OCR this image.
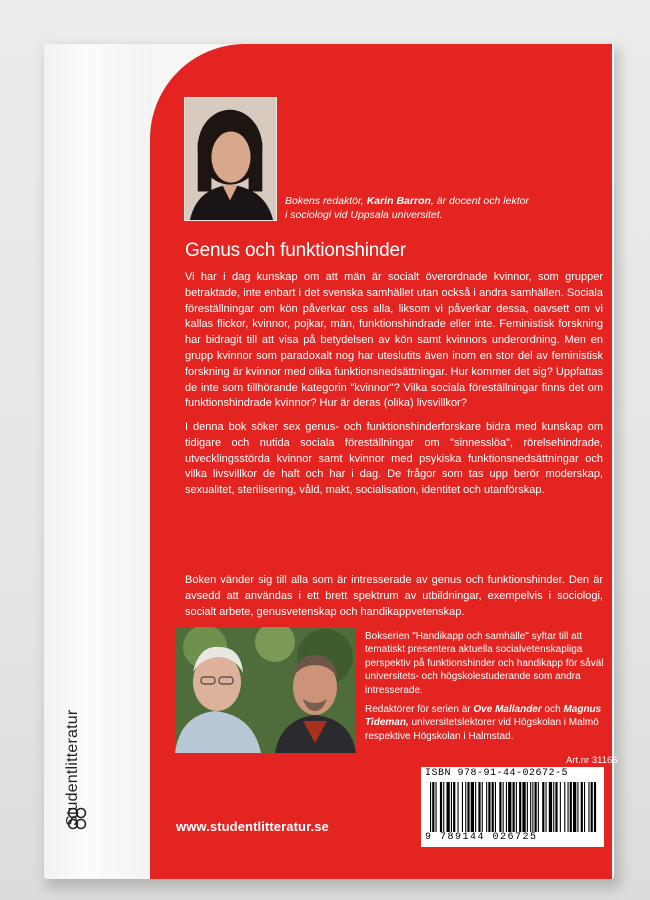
Studentlitteratur
Bokens redaktör, Karin Barron, är docent och lektor
i sociologi vid Uppsala universitet.
Genus och funktionshinder
Vi har i dag kunskap om att män är socialt överordnade kvinnor, som grupper betraktade, inte enbart i det svenska samhället utan också i andra samhällen. Sociala föreställningar om kön påverkar oss alla, liksom vi påverkar dessa, oavsett om vi kallas flickor, kvinnor, pojkar, män, funktionshindrade eller inte. Feministisk forskning har bidragit till att visa på betydelsen av kön samt kvinnors underordning. Men en grupp kvinnor som paradoxalt nog har uteslutits även inom en stor del av feministisk forskning är kvinnor med olika funktionsnedsättningar. Hur kommer det sig? Uppfattas de inte som tillhörande kategorin "kvinnor"? Vilka sociala föreställningar finns det om funktionshindrade kvinnor? Hur är deras (olika) livsvillkor?
I denna bok söker sex genus- och funktionshinderforskare bidra med kunskap om tidigare och nutida sociala föreställningar om "sinnesslöa", rörelsehindrade, utvecklingsstörda kvinnor samt kvinnor med psykiska funktionsnedsättningar och vilka livsvillkor de haft och har i dag. De frågor som tas upp berör moderskap, sexualitet, sterilisering, våld, makt, socialisation, identitet och utanförskap.
Boken vänder sig till alla som är intresserade av genus och funktionshinder. Den är avsedd att användas i ett brett spektrum av utbildningar, exempelvis i sociologi, socialt arbete, genusvetenskap och handikappvetenskap.
Bokserien "Handikapp och samhälle" syftar till att tematiskt presentera aktuella socialvetenskapliga perspektiv på funktionshinder och handikapp för såväl universitets- och högskolestuderande som andra intresserade.
Redaktörer för serien är Ove Mallander och Magnus Tideman, universitetslektorer vid Högskolan i Malmö respektive Högskolan i Halmstad.
Art.nr 31165
ISBN 978-91-44-02672-5
9 789144 026725
www.studentlitteratur.se
